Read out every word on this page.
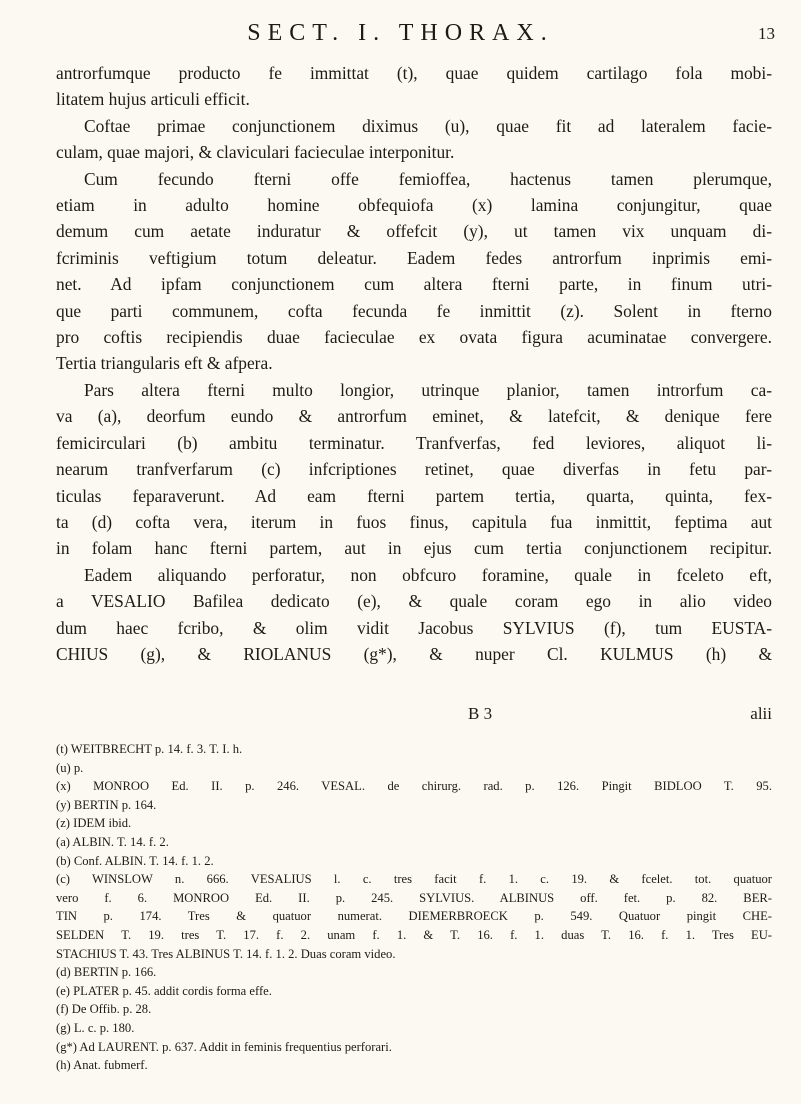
SECT. I. THORAX.	13
antrorfumque producto fe immittat (t), quae quidem cartilago fola mobi-
litatem hujus articuli efficit.
Coftae primae conjunctionem diximus (u), quae fit ad lateralem facie-
culam, quae majori, & claviculari facieculae interponitur.
Cum fecundo fterni offe femioffea, hactenus tamen plerumque,
etiam in adulto homine obfequiofa (x) lamina conjungitur, quae
demum cum aetate induratur & offefcit (y), ut tamen vix unquam di-
fcriminis veftigium totum deleatur. Eadem fedes antrorfum inprimis emi-
net. Ad ipfam conjunctionem cum altera fterni parte, in finum utri-
que parti communem, cofta fecunda fe inmittit (z). Solent in fterno
pro coftis recipiendis duae facieculae ex ovata figura acuminatae convergere.
Tertia triangularis eft & afpera.
Pars altera fterni multo longior, utrinque planior, tamen introrfum ca-
va (a), deorfum eundo & antrorfum eminet, & latefcit, & denique fere
femicirculari (b) ambitu terminatur. Tranfverfas, fed leviores, aliquot li-
nearum tranfverfarum (c) infcriptiones retinet, quae diverfas in fetu par-
ticulas feparaverunt. Ad eam fterni partem tertia, quarta, quinta, fex-
ta (d) cofta vera, iterum in fuos finus, capitula fua inmittit, feptima aut
in folam hanc fterni partem, aut in ejus cum tertia conjunctionem recipitur.
Eadem aliquando perforatur, non obfcuro foramine, quale in fceleto eft,
a VESALIO Bafilea dedicato (e), & quale coram ego in alio video
dum haec fcribo, & olim vidit Jacobus SYLVIUS (f), tum EUSTA-
CHIUS (g), & RIOLANUS (g*), & nuper Cl. KULMUS (h) &
B 3	alii
(t) WEITBRECHT p. 14. f. 3. T. I. h.
(u) p.
(x) MONROO Ed. II. p. 246. VESAL. de chirurg. rad. p. 126. Pingit BIDLOO T. 95.
(y) BERTIN p. 164.
(z) IDEM ibid.
(a) ALBIN. T. 14. f. 2.
(b) Conf. ALBIN. T. 14. f. 1. 2.
(c) WINSLOW n. 666. VESALIUS l. c. tres facit f. 1. c. 19. & fcelet. tot. quatuor
vero f. 6. MONROO Ed. II. p. 245. SYLVIUS. ALBINUS off. fet. p. 82. BER-
TIN p. 174. Tres & quatuor numerat. DIEMERBROECK p. 549. Quatuor pingit CHE-
SELDEN T. 19. tres T. 17. f. 2. unam f. 1. & T. 16. f. 1. duas T. 16. f. 1. Tres EU-
STACHIUS T. 43. Tres ALBINUS T. 14. f. 1. 2. Duas coram video.
(d) BERTIN p. 166.
(e) PLATER p. 45. addit cordis forma effe.
(f) De Offib. p. 28.
(g) L. c. p. 180.
(g*) Ad LAURENT. p. 637. Addit in feminis frequentius perforari.
(h) Anat. fubmerf.
